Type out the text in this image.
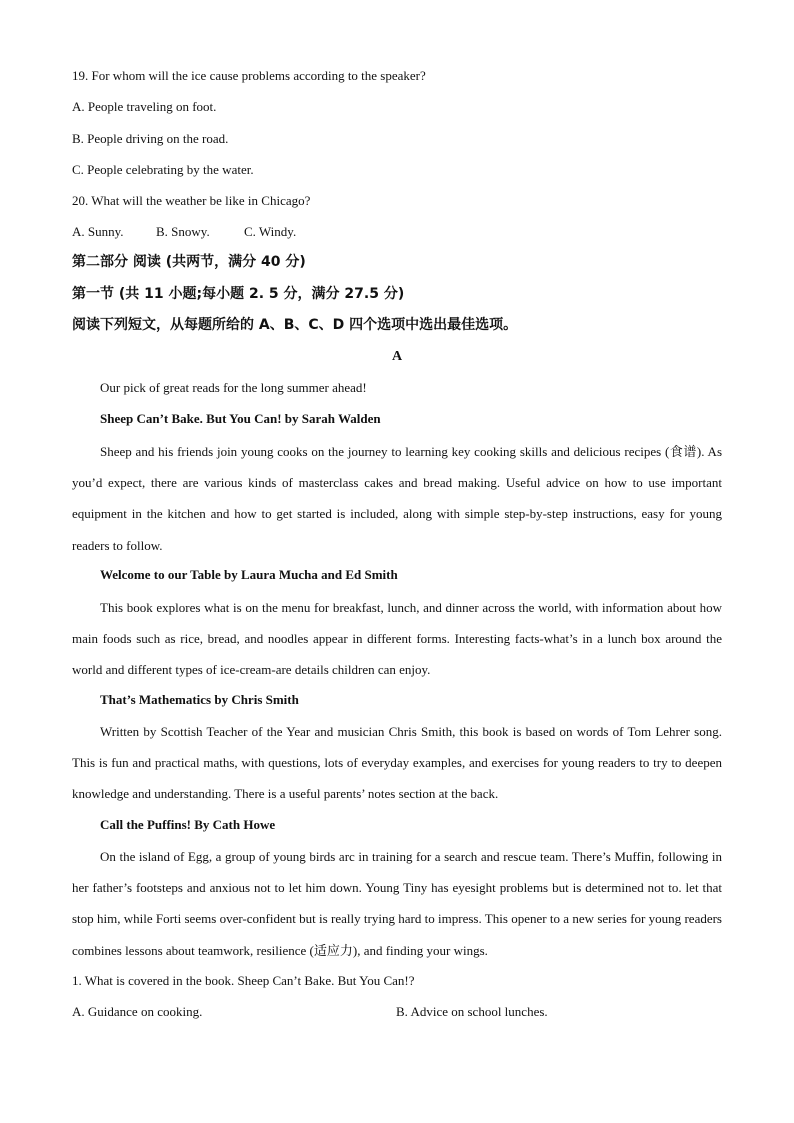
19. For whom will the ice cause problems according to the speaker?
A. People traveling on foot.
B. People driving on the road.
C. People celebrating by the water.
20. What will the weather be like in Chicago?
A. Sunny. B. Snowy.	C. Windy.
第二部分 阅读 (共两节，满分 40 分)
第一节 (共 11 小题;每小题 2. 5 分，满分 27.5 分)
阅读下列短文，从每题所给的 A、B、C、D 四个选项中选出最佳选项。
A
Our pick of great reads for the long summer ahead!
Sheep Can’t Bake. But You Can! by Sarah Walden
Sheep and his friends join young cooks on the journey to learning key cooking skills and delicious recipes (食谱). As you’d expect, there are various kinds of masterclass cakes and bread making. Useful advice on how to use important equipment in the kitchen and how to get started is included, along with simple step-by-step instructions, easy for young readers to follow.
Welcome to our Table by Laura Mucha and Ed Smith
This book explores what is on the menu for breakfast, lunch, and dinner across the world, with information about how main foods such as rice, bread, and noodles appear in different forms. Interesting facts-what’s in a lunch box around the world and different types of ice-cream-are details children can enjoy.
That’s Mathematics by Chris Smith
Written by Scottish Teacher of the Year and musician Chris Smith, this book is based on words of Tom Lehrer song. This is fun and practical maths, with questions, lots of everyday examples, and exercises for young readers to try to deepen knowledge and understanding. There is a useful parents’ notes section at the back.
Call the Puffins! By Cath Howe
On the island of Egg, a group of young birds arc in training for a search and rescue team. There’s Muffin, following in her father’s footsteps and anxious not to let him down. Young Tiny has eyesight problems but is determined not to. let that stop him, while Forti seems over-confident but is really trying hard to impress. This opener to a new series for young readers combines lessons about teamwork, resilience (适应力), and finding your wings.
1. What is covered in the book. Sheep Can’t Bake. But You Can!?
A. Guidance on cooking.	B. Advice on school lunches.
